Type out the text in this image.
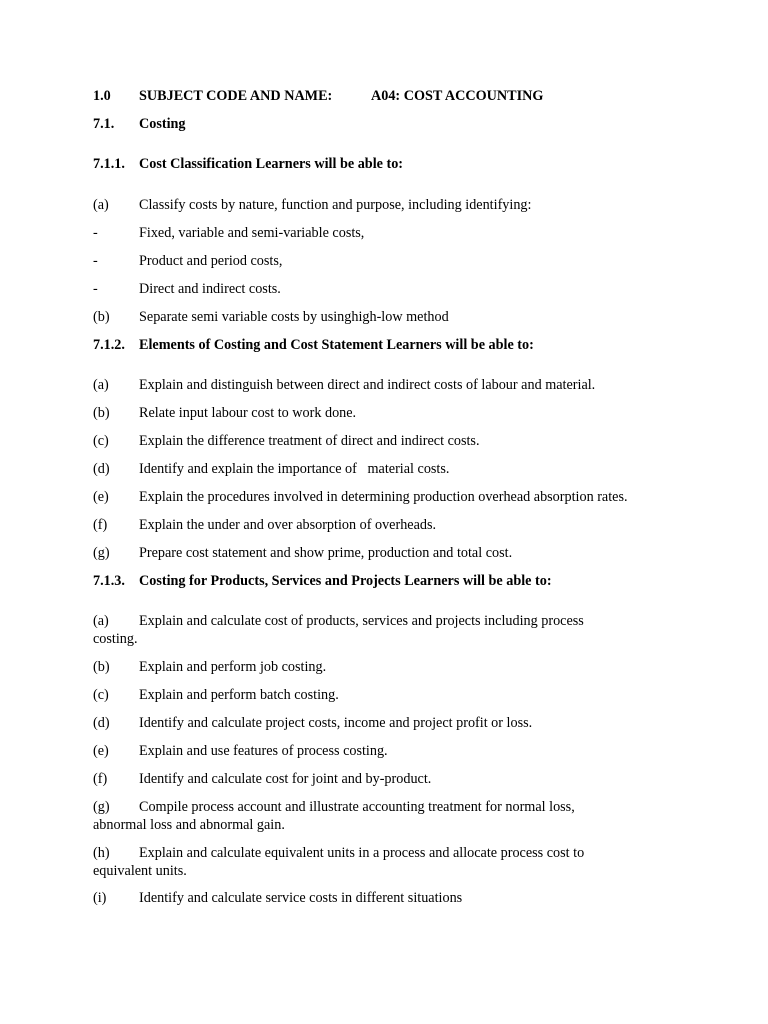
1.0 SUBJECT CODE AND NAME:	A04: COST ACCOUNTING
7.1. Costing
7.1.1. Cost Classification Learners will be able to:
(a) Classify costs by nature, function and purpose, including identifying:
-	Fixed, variable and semi-variable costs,
-	Product and period costs,
-	Direct and indirect costs.
(b) Separate semi variable costs by usinghigh-low method
7.1.2. Elements of Costing and Cost Statement Learners will be able to:
(a) Explain and distinguish between direct and indirect costs of labour and material.
(b) Relate input labour cost to work done.
(c) Explain the difference treatment of direct and indirect costs.
(d) Identify and explain the importance of   material costs.
(e) Explain the procedures involved in determining production overhead absorption rates.
(f) Explain the under and over absorption of overheads.
(g) Prepare cost statement and show prime, production and total cost.
7.1.3. Costing for Products, Services and Projects Learners will be able to:
(a) Explain and calculate cost of products, services and projects including process
costing.
(b) Explain and perform job costing.
(c) Explain and perform batch costing.
(d) Identify and calculate project costs, income and project profit or loss.
(e) Explain and use features of process costing.
(f) Identify and calculate cost for joint and by-product.
(g) Compile process account and illustrate accounting treatment for normal loss,
abnormal loss and abnormal gain.
(h) Explain and calculate equivalent units in a process and allocate process cost to
equivalent units.
(i) Identify and calculate service costs in different situations
